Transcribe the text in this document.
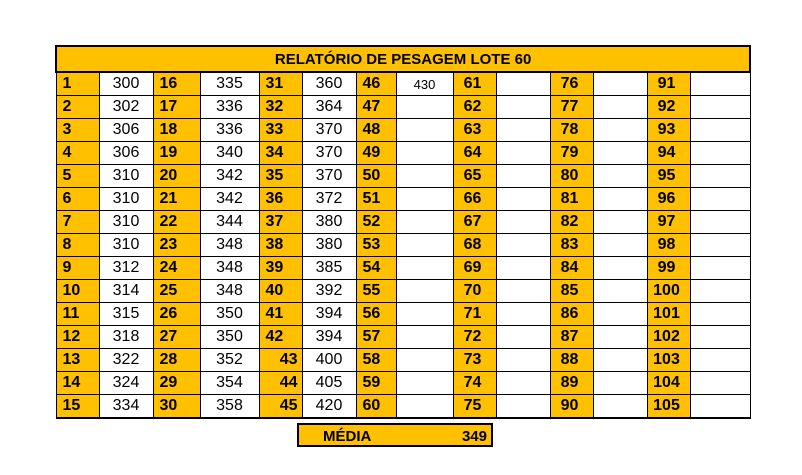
RELATÓRIO DE PESAGEM LOTE 60													
1	300	16	335	31	360	46	430	61		76		91	
2	302	17	336	32	364	47		62		77		92	
3	306	18	336	33	370	48		63		78		93	
4	306	19	340	34	370	49		64		79		94	
5	310	20	342	35	370	50		65		80		95	
6	310	21	342	36	372	51		66		81		96	
7	310	22	344	37	380	52		67		82		97	
8	310	23	348	38	380	53		68		83		98	
9	312	24	348	39	385	54		69		84		99	
10	314	25	348	40	392	55		70		85		100	
11	315	26	350	41	394	56		71		86		101	
12	318	27	350	42	394	57		72		87		102	
13	322	28	352	43	400	58		73		88		103	
14	324	29	354	44	405	59		74		89		104	
15	334	30	358	45	420	60		75		90		105	
MÉDIA	349
